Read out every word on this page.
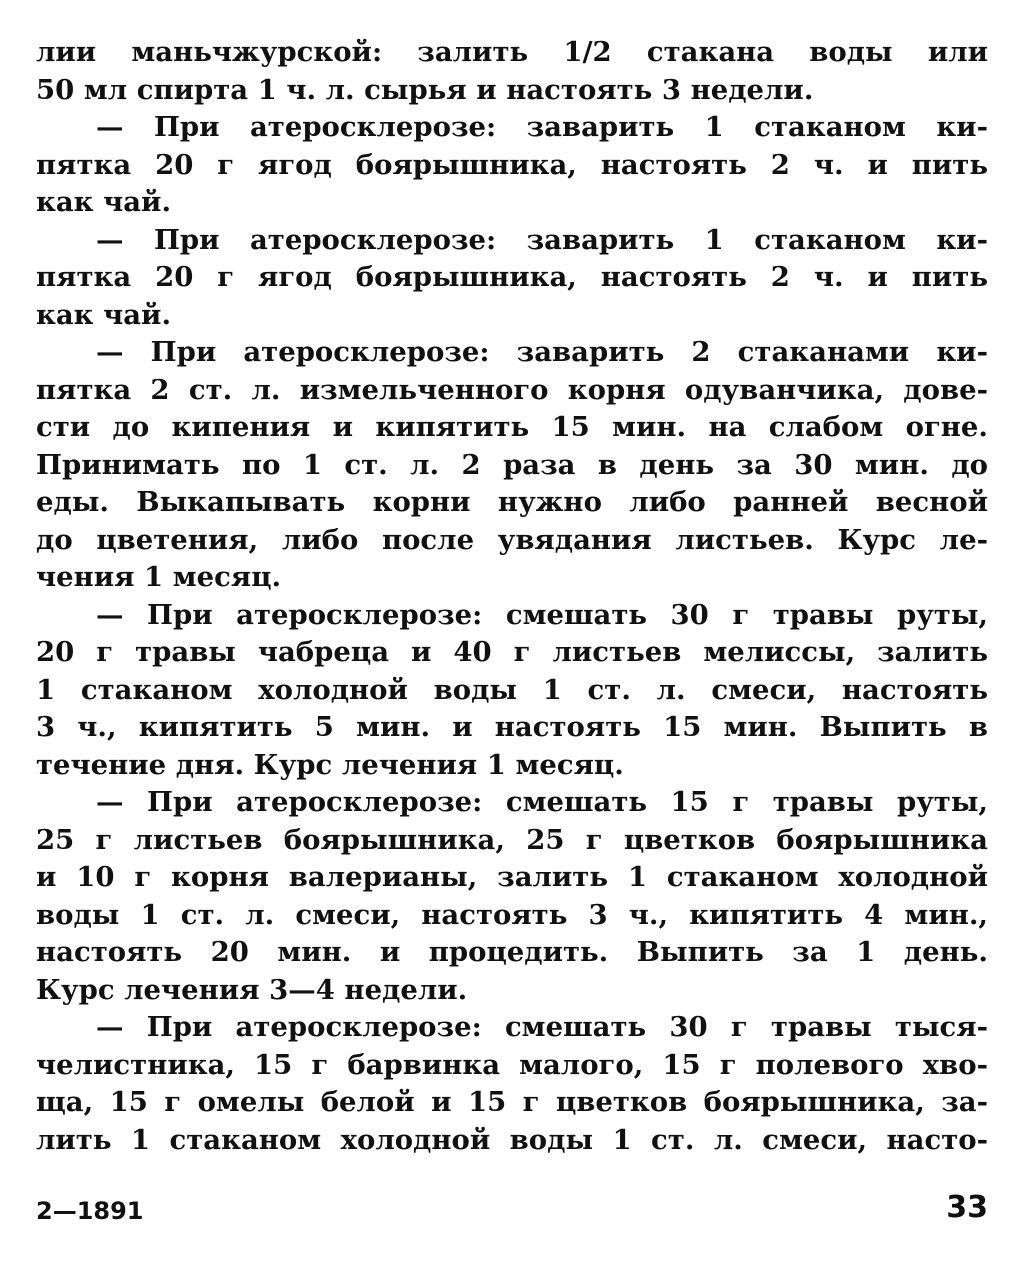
лии маньчжурской: залить 1/2 стакана воды или
50 мл спирта 1 ч. л. сырья и настоять 3 недели.
— При атеросклерозе: заварить 1 стаканом ки-
пятка 20 г ягод боярышника, настоять 2 ч. и пить
как чай.
— При атеросклерозе: заварить 1 стаканом ки-
пятка 20 г ягод боярышника, настоять 2 ч. и пить
как чай.
— При атеросклерозе: заварить 2 стаканами ки-
пятка 2 ст. л. измельченного корня одуванчика, дове-
сти до кипения и кипятить 15 мин. на слабом огне.
Принимать по 1 ст. л. 2 раза в день за 30 мин. до
еды. Выкапывать корни нужно либо ранней весной
до цветения, либо после увядания листьев. Курс ле-
чения 1 месяц.
— При атеросклерозе: смешать 30 г травы руты,
20 г травы чабреца и 40 г листьев мелиссы, залить
1 стаканом холодной воды 1 ст. л. смеси, настоять
3 ч., кипятить 5 мин. и настоять 15 мин. Выпить в
течение дня. Курс лечения 1 месяц.
— При атеросклерозе: смешать 15 г травы руты,
25 г листьев боярышника, 25 г цветков боярышника
и 10 г корня валерианы, залить 1 стаканом холодной
воды 1 ст. л. смеси, настоять 3 ч., кипятить 4 мин.,
настоять 20 мин. и процедить. Выпить за 1 день.
Курс лечения 3—4 недели.
— При атеросклерозе: смешать 30 г травы тыся-
челистника, 15 г барвинка малого, 15 г полевого хво-
ща, 15 г омелы белой и 15 г цветков боярышника, за-
лить 1 стаканом холодной воды 1 ст. л. смеси, насто-
2—1891	33
